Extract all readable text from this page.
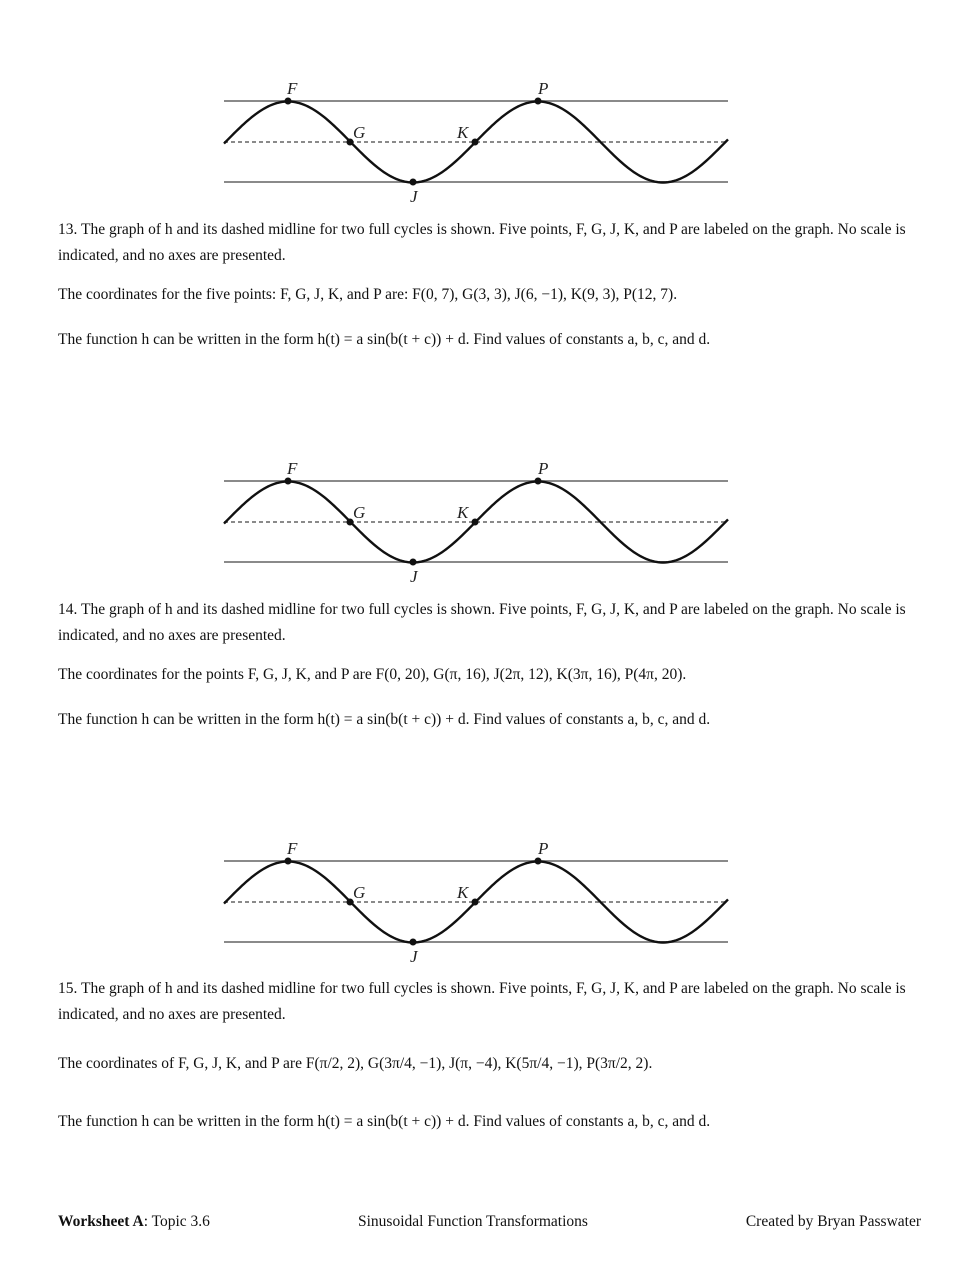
F
G
J
K
P
13. The graph of h and its dashed midline for two full cycles is shown. Five points, F, G, J, K, and P are labeled on the graph. No scale is indicated, and no axes are presented.
The coordinates for the five points: F, G, J, K, and P are: F(0, 7), G(3, 3), J(6, −1), K(9, 3), P(12, 7).
The function h can be written in the form h(t) = a sin(b(t + c)) + d. Find values of constants a, b, c, and d.
F
G
J
K
P
14. The graph of h and its dashed midline for two full cycles is shown. Five points, F, G, J, K, and P are labeled on the graph. No scale is indicated, and no axes are presented.
The coordinates for the points F, G, J, K, and P are F(0, 20), G(π, 16), J(2π, 12), K(3π, 16), P(4π, 20).
The function h can be written in the form h(t) = a sin(b(t + c)) + d. Find values of constants a, b, c, and d.
F
G
J
K
P
15. The graph of h and its dashed midline for two full cycles is shown. Five points, F, G, J, K, and P are labeled on the graph. No scale is indicated, and no axes are presented.
The coordinates of F, G, J, K, and P are F(π/2, 2), G(3π/4, −1), J(π, −4), K(5π/4, −1), P(3π/2, 2).
The function h can be written in the form h(t) = a sin(b(t + c)) + d. Find values of constants a, b, c, and d.
Worksheet A: Topic 3.6	Sinusoidal Function Transformations	Created by Bryan Passwater
